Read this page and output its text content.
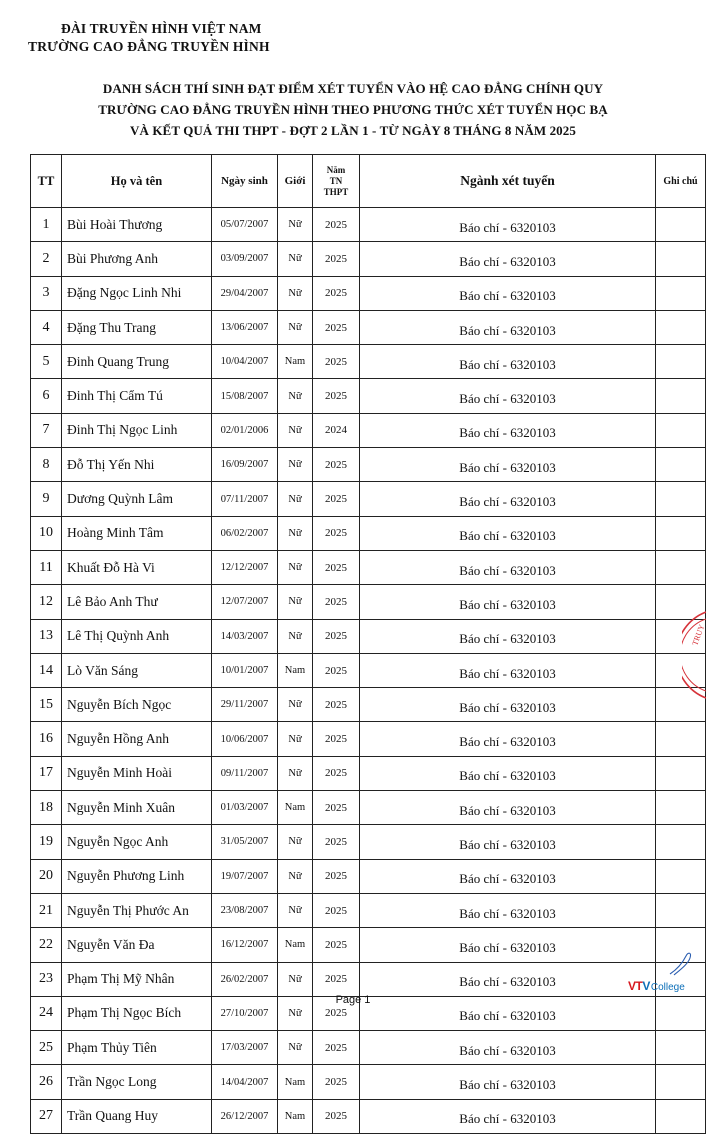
ĐÀI TRUYỀN HÌNH VIỆT NAM
TRƯỜNG CAO ĐẲNG TRUYỀN HÌNH
DANH SÁCH THÍ SINH ĐẠT ĐIỂM XÉT TUYỂN VÀO HỆ CAO ĐẲNG CHÍNH QUY
TRƯỜNG CAO ĐẲNG TRUYỀN HÌNH THEO PHƯƠNG THỨC XÉT TUYỂN HỌC BẠ
VÀ KẾT QUẢ THI THPT - ĐỢT 2 LẦN 1 - TỪ NGÀY 8 THÁNG 8 NĂM 2025
TT	Họ và tên	Ngày sinh	Giới	Năm
TN
THPT	Ngành xét tuyển	Ghi chú
1	Bùi Hoài Thương	05/07/2007	Nữ	2025	Báo chí - 6320103	
2	Bùi Phương Anh	03/09/2007	Nữ	2025	Báo chí - 6320103	
3	Đặng Ngọc Linh Nhi	29/04/2007	Nữ	2025	Báo chí - 6320103	
4	Đặng Thu Trang	13/06/2007	Nữ	2025	Báo chí - 6320103	
5	Đinh Quang Trung	10/04/2007	Nam	2025	Báo chí - 6320103	
6	Đinh Thị Cẩm Tú	15/08/2007	Nữ	2025	Báo chí - 6320103	
7	Đinh Thị Ngọc Linh	02/01/2006	Nữ	2024	Báo chí - 6320103	
8	Đỗ Thị Yến Nhi	16/09/2007	Nữ	2025	Báo chí - 6320103	
9	Dương Quỳnh Lâm	07/11/2007	Nữ	2025	Báo chí - 6320103	
10	Hoàng Minh Tâm	06/02/2007	Nữ	2025	Báo chí - 6320103	
11	Khuất Đỗ Hà Vi	12/12/2007	Nữ	2025	Báo chí - 6320103	
12	Lê Bảo Anh Thư	12/07/2007	Nữ	2025	Báo chí - 6320103	
13	Lê Thị Quỳnh Anh	14/03/2007	Nữ	2025	Báo chí - 6320103	
14	Lò Văn Sáng	10/01/2007	Nam	2025	Báo chí - 6320103	
15	Nguyễn Bích Ngọc	29/11/2007	Nữ	2025	Báo chí - 6320103	
16	Nguyễn Hồng Anh	10/06/2007	Nữ	2025	Báo chí - 6320103	
17	Nguyễn Minh Hoài	09/11/2007	Nữ	2025	Báo chí - 6320103	
18	Nguyễn Minh Xuân	01/03/2007	Nam	2025	Báo chí - 6320103	
19	Nguyễn Ngọc Anh	31/05/2007	Nữ	2025	Báo chí - 6320103	
20	Nguyễn Phương Linh	19/07/2007	Nữ	2025	Báo chí - 6320103	
21	Nguyễn Thị Phước An	23/08/2007	Nữ	2025	Báo chí - 6320103	
22	Nguyễn Văn Đa	16/12/2007	Nam	2025	Báo chí - 6320103	
23	Phạm Thị Mỹ Nhân	26/02/2007	Nữ	2025	Báo chí - 6320103	
24	Phạm Thị Ngọc Bích	27/10/2007	Nữ	2025	Báo chí - 6320103	
25	Phạm Thủy Tiên	17/03/2007	Nữ	2025	Báo chí - 6320103	
26	Trần Ngọc Long	14/04/2007	Nam	2025	Báo chí - 6320103	
27	Trần Quang Huy	26/12/2007	Nam	2025	Báo chí - 6320103	
TRUY
VT V College
Page 1
